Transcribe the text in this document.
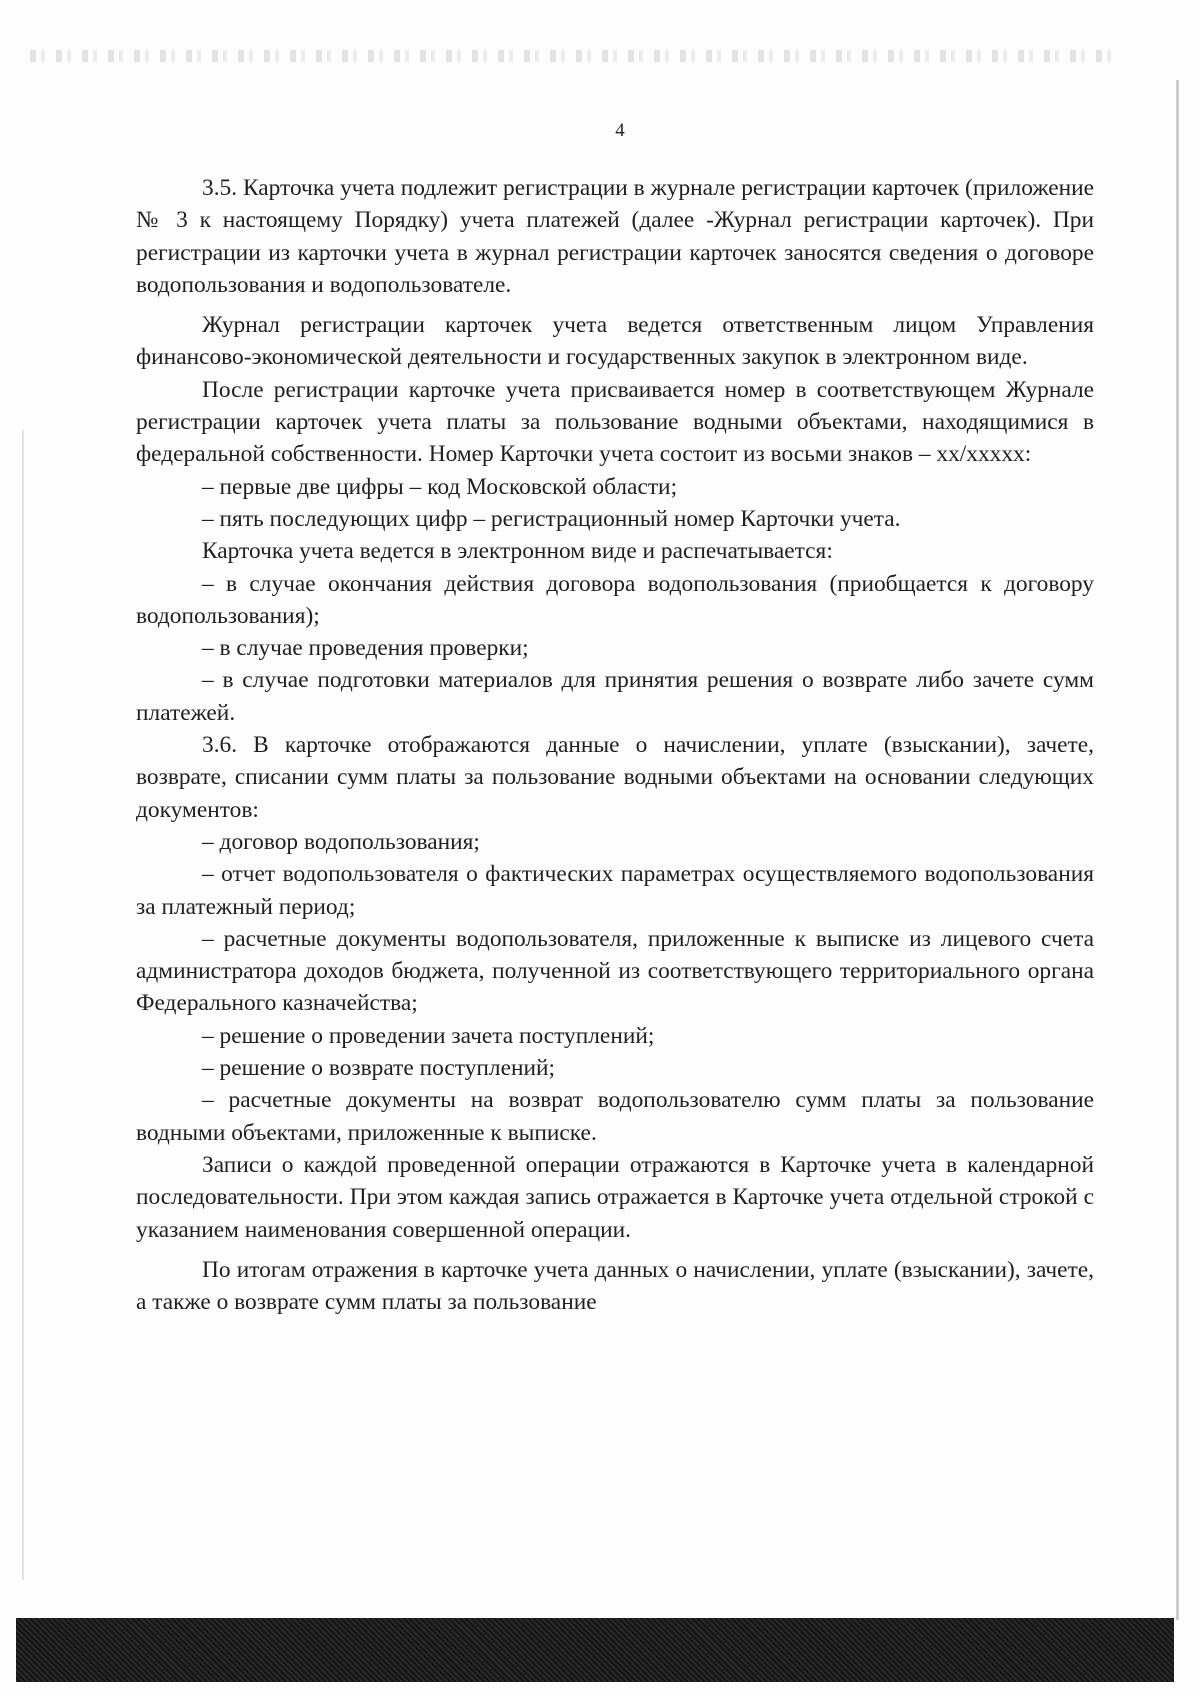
4

3.5. Карточка учета подлежит регистрации в журнале регистрации карточек (приложение № 3 к настоящему Порядку) учета платежей (далее -Журнал регистрации карточек). При регистрации из карточки учета в журнал регистрации карточек заносятся сведения о договоре водопользования и водопользователе.

Журнал регистрации карточек учета ведется ответственным лицом Управления финансово-экономической деятельности и государственных закупок в электронном виде.

После регистрации карточке учета присваивается номер в соответствующем Журнале регистрации карточек учета платы за пользование водными объектами, находящимися в федеральной собственности. Номер Карточки учета состоит из восьми знаков – хх/ххххх:

– первые две цифры – код Московской области;

– пять последующих цифр – регистрационный номер Карточки учета.

Карточка учета ведется в электронном виде и распечатывается:

– в случае окончания действия договора водопользования (приобщается к договору водопользования);

– в случае проведения проверки;

– в случае подготовки материалов для принятия решения о возврате либо зачете сумм платежей.

3.6. В карточке отображаются данные о начислении, уплате (взыскании), зачете, возврате, списании сумм платы за пользование водными объектами на основании следующих документов:

– договор водопользования;

– отчет водопользователя о фактических параметрах осуществляемого водопользования за платежный период;

– расчетные документы водопользователя, приложенные к выписке из лицевого счета администратора доходов бюджета, полученной из соответствующего территориального органа Федерального казначейства;

– решение о проведении зачета поступлений;

– решение о возврате поступлений;

– расчетные документы на возврат водопользователю сумм платы за пользование водными объектами, приложенные к выписке.

Записи о каждой проведенной операции отражаются в Карточке учета в календарной последовательности. При этом каждая запись отражается в Карточке учета отдельной строкой с указанием наименования совершенной операции.

По итогам отражения в карточке учета данных о начислении, уплате (взыскании), зачете, а также о возврате сумм платы за пользование
